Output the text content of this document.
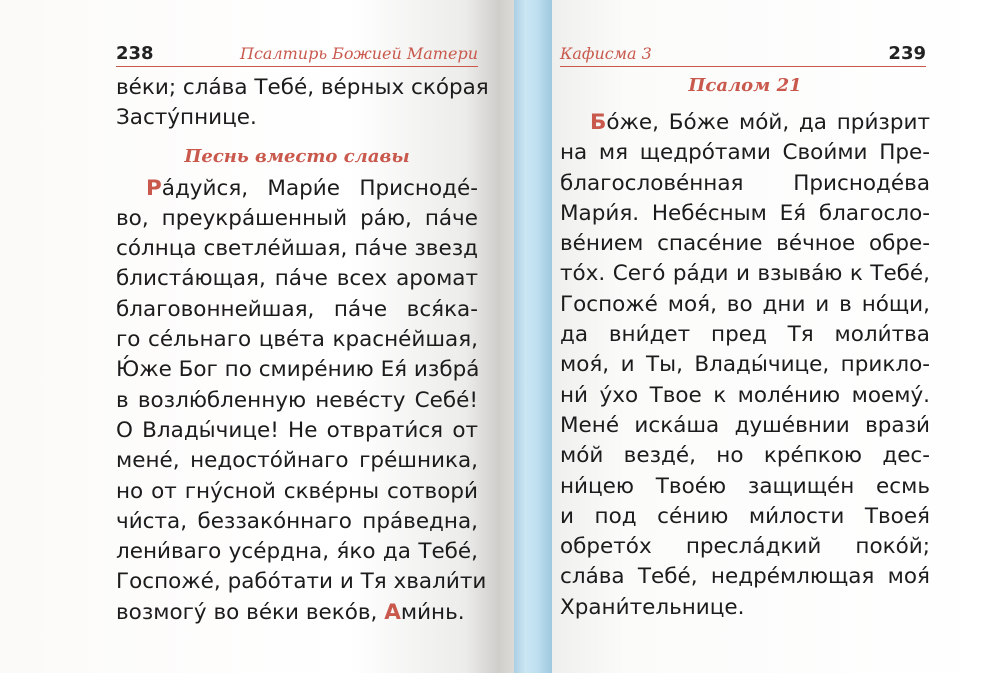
238	Псалтирь Божией Матери
ве́ки; сла́ва Тебе́, ве́рных ско́рая
Засту́пнице.
Песнь вместо славы
Ра́дуйся, Мари́е Приснодé-
во, преукра́шенный ра́ю, па́че
со́лнца светле́йшая, па́че звезд
блиста́ющая, па́че всех аромат
благовоннейшая, па́че вся́ка-
го се́льнаго цве́та красне́йшая,
Ю́же Бог по смире́нию Ея́ избра́
в возлю́бленную неве́сту Себе́!
О Влады́чице! Не отврати́ся от
мене́, недосто́йнаго гре́шника,
но от гну́сной скве́рны сотвори́
чи́ста, беззако́ннаго пра́ведна,
лени́ваго усе́рдна, я́ко да Тебе́,
Госпоже́, рабо́тати и Тя хвали́ти
возмогу́ во ве́ки веко́в, Ами́нь.
Кафисма 3	239
Псалом 21
Бо́же, Бо́же мо́й, да при́зрит
на мя щедро́тами Свои́ми Пре-
благослове́нная Приснодéва
Мари́я. Небе́сным Ея́ благосло-
ве́нием спасе́ние ве́чное обре-
то́х. Сего́ ра́ди и взыва́ю к Тебе́,
Госпоже́ моя́, во дни и в но́щи,
да вни́дет пред Тя моли́тва
моя́, и Ты, Влады́чице, прикло-
ни́ у́хо Твое к моле́нию моему́.
Мене́ иска́ша душе́внии врази́
мо́й везде́, но кре́пкою дес-
ни́цею Твое́ю защище́н есмь
и под се́нию ми́лости Твоея́
обрето́х пресла́дкий поко́й;
сла́ва Тебе́, недре́млющая моя́
Храни́тельнице.
